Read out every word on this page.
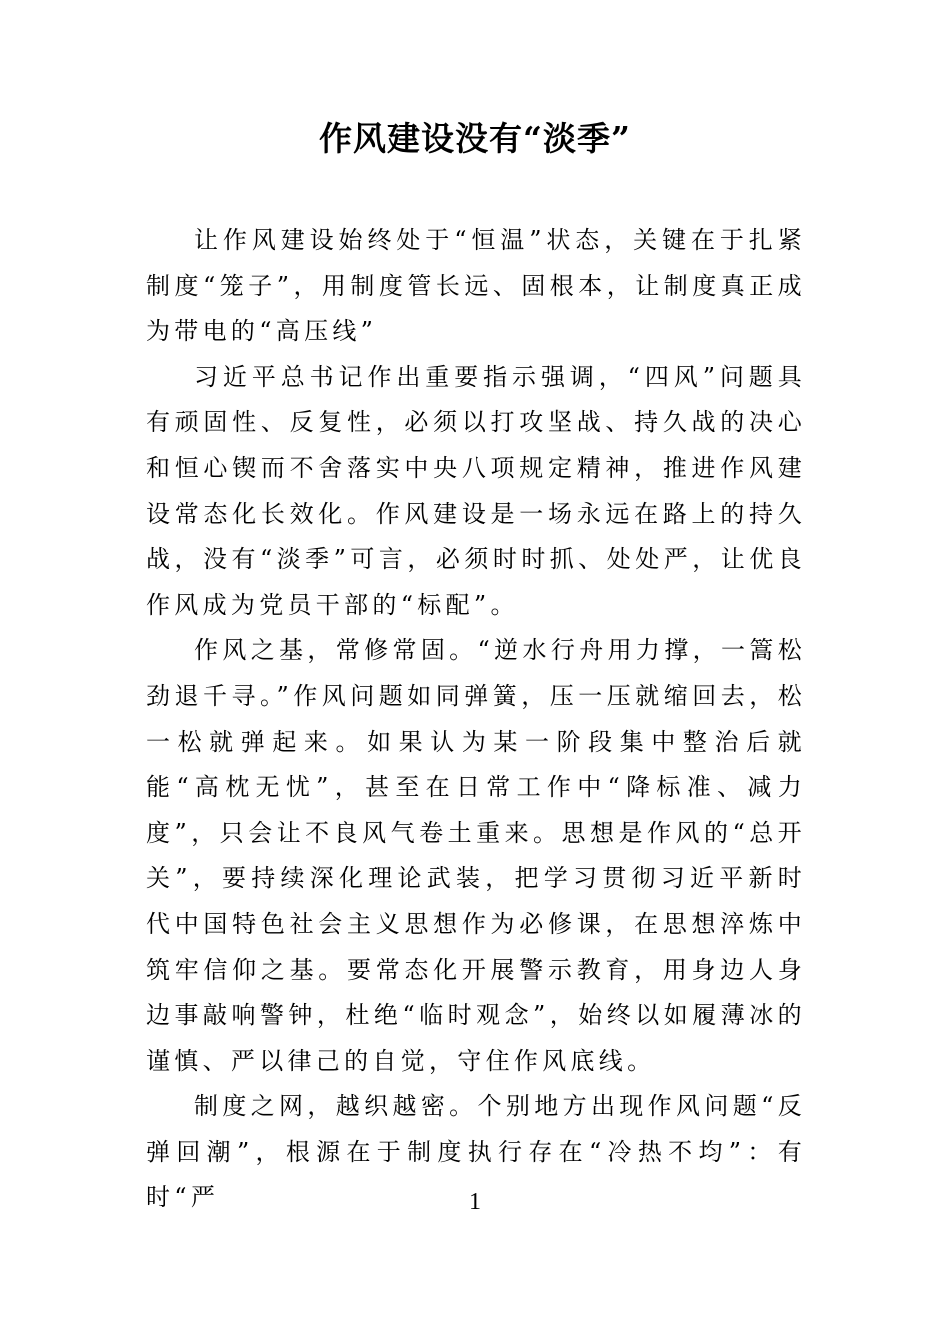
作风建设没有“淡季”

让作风建设始终处于“恒温”状态，关键在于扎紧制度“笼子”，用制度管长远、固根本，让制度真正成为带电的“高压线”

习近平总书记作出重要指示强调，“四风”问题具有顽固性、反复性，必须以打攻坚战、持久战的决心和恒心锲而不舍落实中央八项规定精神，推进作风建设常态化长效化。作风建设是一场永远在路上的持久战，没有“淡季”可言，必须时时抓、处处严，让优良作风成为党员干部的“标配”。

作风之基，常修常固。“逆水行舟用力撑，一篙松劲退千寻。”作风问题如同弹簧，压一压就缩回去，松一松就弹起来。如果认为某一阶段集中整治后就能“高枕无忧”，甚至在日常工作中“降标准、减力度”，只会让不良风气卷土重来。思想是作风的“总开关”，要持续深化理论武装，把学习贯彻习近平新时代中国特色社会主义思想作为必修课，在思想淬炼中筑牢信仰之基。要常态化开展警示教育，用身边人身边事敲响警钟，杜绝“临时观念”，始终以如履薄冰的谨慎、严以律己的自觉，守住作风底线。

制度之网，越织越密。个别地方出现作风问题“反弹回潮”，根源在于制度执行存在“冷热不均”：有时“严	1
